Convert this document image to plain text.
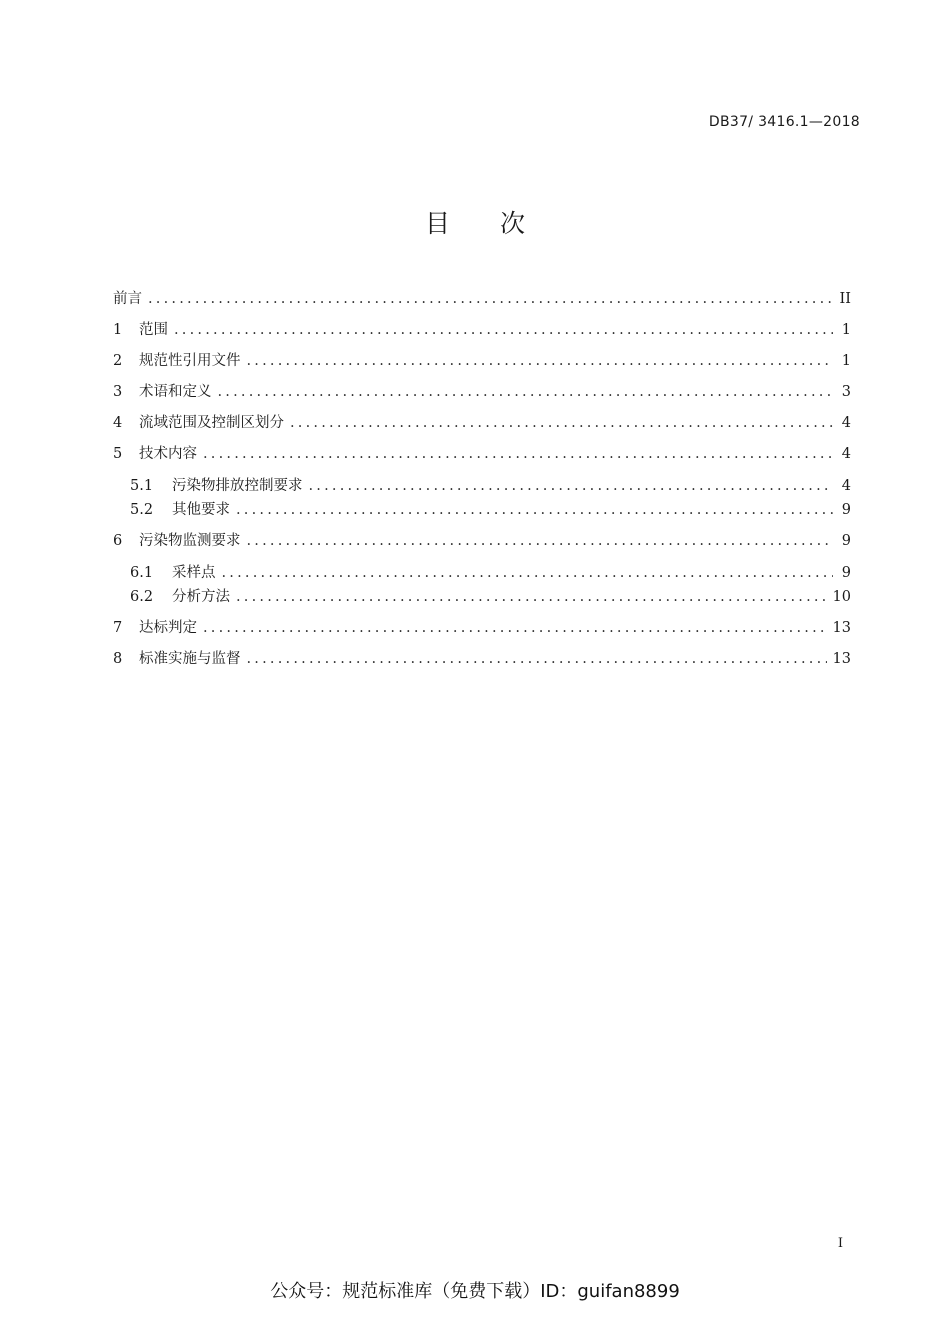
DB37/ 3416.1—2018
目　　次
前言 .....	II
1	范围 .....	1
2	规范性引用文件 .....	1
3	术语和定义 .....	3
4	流域范围及控制区划分 .....	4
5	技术内容 .....	4
5.1	污染物排放控制要求 .....	4
5.2	其他要求 .....	9
6	污染物监测要求 .....	9
6.1	采样点 .....	9
6.2	分析方法 .....	10
7	达标判定 .....	13
8	标准实施与监督 .....	13
I
公众号：规范标准库（免费下载）ID：guifan8899
